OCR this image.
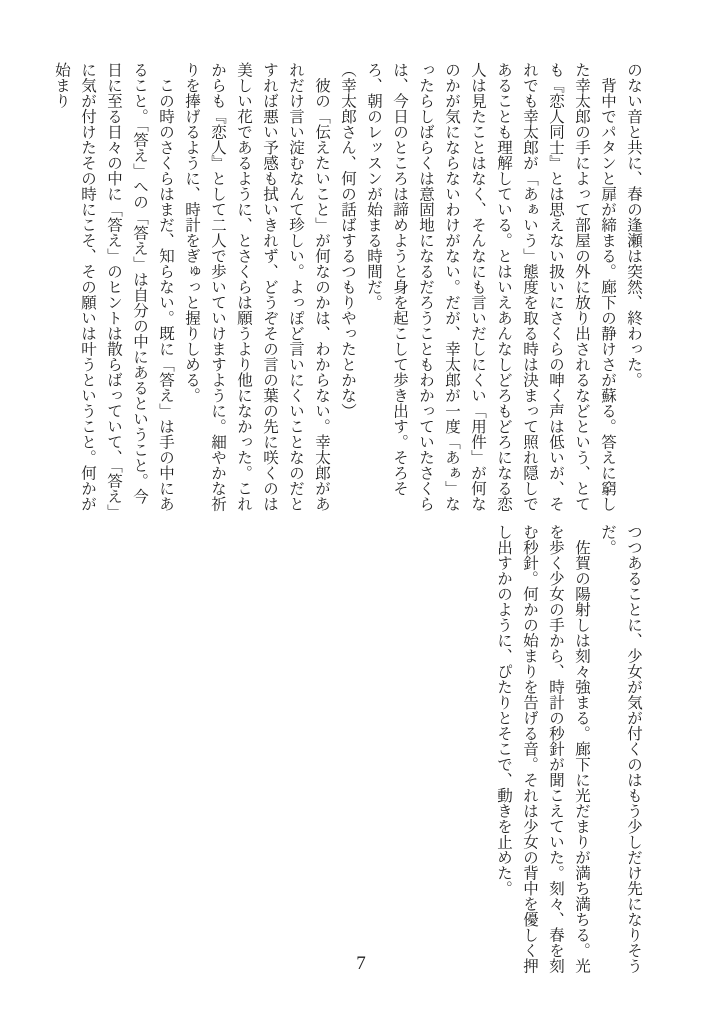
のない音と共に、春の逢瀬は突然、終わった。

　背中でパタンと扉が締まる。廊下の静けさが蘇る。答えに窮した幸太郎の手によって部屋の外に放り出されるなどという、とても『恋人同士』とは思えない扱いにさくらの呻く声は低いが、それでも幸太郎が「あぁいう」態度を取る時は決まって照れ隠しであることも理解している。とはいえあんなしどろもどろになる恋人は見たことはなく、そんなにも言いだしにくい「用件」が何なのかが気にならないわけがない。だが、幸太郎が一度「あぁ」なったらしばらくは意固地になるだろうこともわかっていたさくらは、今日のところは諦めようと身を起こして歩き出す。そろそろ、朝のレッスンが始まる時間だ。

（幸太郎さん、何の話ばするつもりやったとかな）

　彼の「伝えたいこと」が何なのかは、わからない。幸太郎があれだけ言い淀むなんて珍しい。よっぽど言いにくいことなのだとすれば悪い予感も拭いきれず、どうぞその言の葉の先に咲くのは美しい花であるように、とさくらは願うより他になかった。これからも『恋人』として二人で歩いていけますように。細やかな祈りを捧げるように、時計をぎゅっと握りしめる。

　この時のさくらはまだ、知らない。既に「答え」は手の中にあること。「答え」への「答え」は自分の中にあるということ。今日に至る日々の中に「答え」のヒントは散らばっていて、「答え」に気が付けたその時にこそ、その願いは叶うということ。何かが始まり

つつあることに、少女が気が付くのはもう少しだけ先になりそうだ。

　佐賀の陽射しは刻々強まる。廊下に光だまりが満ち満ちる。光を歩く少女の手から、時計の秒針が聞こえていた。刻々、春を刻む秒針。何かの始まりを告げる音。それは少女の背中を優しく押し出すかのように、ぴたりとそこで、動きを止めた。

7
